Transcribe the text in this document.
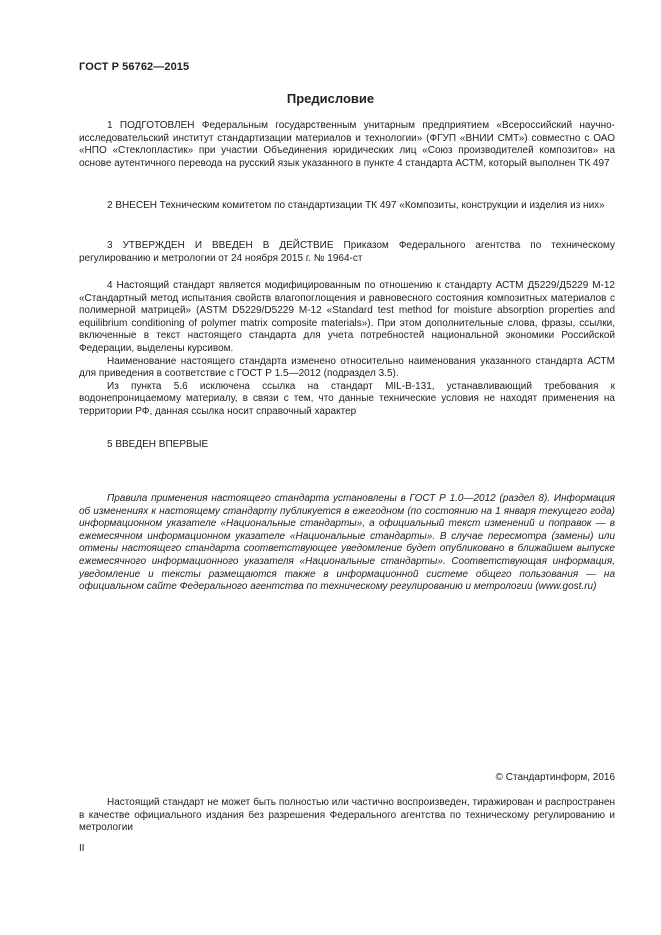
ГОСТ Р 56762—2015
Предисловие

1 ПОДГОТОВЛЕН Федеральным государственным унитарным предприятием «Всероссийский научно-исследовательский институт стандартизации материалов и технологии» (ФГУП «ВНИИ СМТ») совместно с ОАО «НПО «Стеклопластик» при участии Объединения юридических лиц «Союз производителей композитов» на основе аутентичного перевода на русский язык указанного в пункте 4 стандарта АСТМ, который выполнен ТК 497

2 ВНЕСЕН Техническим комитетом по стандартизации ТК 497 «Композиты, конструкции и изделия из них»

3 УТВЕРЖДЕН И ВВЕДЕН В ДЕЙСТВИЕ Приказом Федерального агентства по техническому регулированию и метрологии от 24 ноября 2015 г. № 1964-ст

4 Настоящий стандарт является модифицированным по отношению к стандарту АСТМ Д5229/Д5229 М-12 «Стандартный метод испытания свойств влагопоглощения и равновесного состояния композитных материалов с полимерной матрицей» (ASTM D5229/D5229 M-12 «Standard test method for moisture absorption properties and equilibrium conditioning of polymer matrix composite materials»). При этом дополнительные слова, фразы, ссылки, включенные в текст настоящего стандарта для учета потребностей национальной экономики Российской Федерации, выделены курсивом.

Наименование настоящего стандарта изменено относительно наименования указанного стандарта АСТМ для приведения в соответствие с ГОСТ Р 1.5—2012 (подраздел 3.5).

Из пункта 5.6 исключена ссылка на стандарт MIL-B-131, устанавливающий требования к водонепроницаемому материалу, в связи с тем, что данные технические условия не находят применения на территории РФ, данная ссылка носит справочный характер

5 ВВЕДЕН ВПЕРВЫЕ

Правила применения настоящего стандарта установлены в ГОСТ Р 1.0—2012 (раздел 8). Информация об изменениях к настоящему стандарту публикуется в ежегодном (по состоянию на 1 января текущего года) информационном указателе «Национальные стандарты», а официальный текст изменений и поправок — в ежемесячном информационном указателе «Национальные стандарты». В случае пересмотра (замены) или отмены настоящего стандарта соответствующее уведомление будет опубликовано в ближайшем выпуске ежемесячного информационного указателя «Национальные стандарты». Соответствующая информация, уведомление и тексты размещаются также в информационной системе общего пользования — на официальном сайте Федерального агентства по техническому регулированию и метрологии (www.gost.ru)

© Стандартинформ, 2016

Настоящий стандарт не может быть полностью или частично воспроизведен, тиражирован и распространен в качестве официального издания без разрешения Федерального агентства по техническому регулированию и метрологии

II
